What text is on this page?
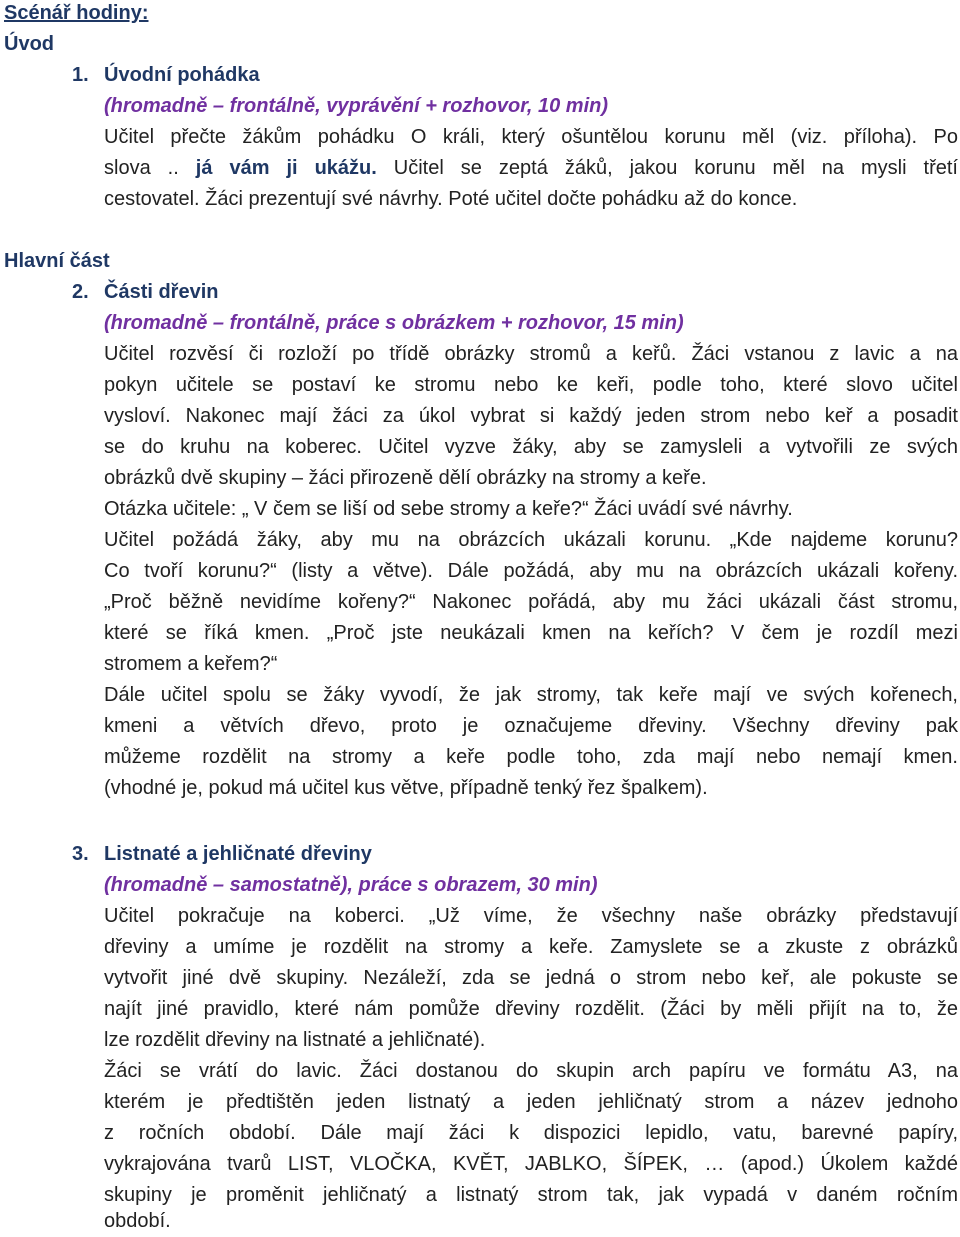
Scénář hodiny:
Úvod
1. Úvodní pohádka
(hromadně – frontálně, vyprávění + rozhovor, 10 min)
Učitel přečte žákům pohádku O králi, který ošuntělou korunu měl (viz. příloha). Po
slova .. já vám ji ukážu. Učitel se zeptá žáků, jakou korunu měl na mysli třetí
cestovatel. Žáci prezentují své návrhy. Poté učitel dočte pohádku až do konce.
Hlavní část
2. Části dřevin
(hromadně – frontálně, práce s obrázkem + rozhovor, 15 min)
Učitel rozvěsí či rozloží po třídě obrázky stromů a keřů. Žáci vstanou z lavic a na
pokyn učitele se postaví ke stromu nebo ke keři, podle toho, které slovo učitel
vysloví. Nakonec mají žáci za úkol vybrat si každý jeden strom nebo keř a posadit
se do kruhu na koberec. Učitel vyzve žáky, aby se zamysleli a vytvořili ze svých
obrázků dvě skupiny – žáci přirozeně dělí obrázky na stromy a keře.
Otázka učitele: „ V čem se liší od sebe stromy a keře?“ Žáci uvádí své návrhy.
Učitel požádá žáky, aby mu na obrázcích ukázali korunu. „Kde najdeme korunu?
Co tvoří korunu?“ (listy a větve). Dále požádá, aby mu na obrázcích ukázali kořeny.
„Proč běžně nevidíme kořeny?“ Nakonec pořádá, aby mu žáci ukázali část stromu,
které se říká kmen. „Proč jste neukázali kmen na keřích? V čem je rozdíl mezi
stromem a keřem?“
Dále učitel spolu se žáky vyvodí, že jak stromy, tak keře mají ve svých kořenech,
kmeni a větvích dřevo, proto je označujeme dřeviny. Všechny dřeviny pak
můžeme rozdělit na stromy a keře podle toho, zda mají nebo nemají kmen.
(vhodné je, pokud má učitel kus větve, případně tenký řez špalkem).
3. Listnaté a jehličnaté dřeviny
(hromadně – samostatně), práce s obrazem, 30 min)
Učitel pokračuje na koberci. „Už víme, že všechny naše obrázky představují
dřeviny a umíme je rozdělit na stromy a keře. Zamyslete se a zkuste z obrázků
vytvořit jiné dvě skupiny. Nezáleží, zda se jedná o strom nebo keř, ale pokuste se
najít jiné pravidlo, které nám pomůže dřeviny rozdělit. (Žáci by měli přijít na to, že
lze rozdělit dřeviny na listnaté a jehličnaté).
Žáci se vrátí do lavic. Žáci dostanou do skupin arch papíru ve formátu A3, na
kterém je předtištěn jeden listnatý a jeden jehličnatý strom a název jednoho
z ročních období. Dále mají žáci k dispozici lepidlo, vatu, barevné papíry,
vykrajována tvarů LIST, VLOČKA, KVĚT, JABLKO, ŠÍPEK, … (apod.) Úkolem každé
skupiny je proměnit jehličnatý a listnatý strom tak, jak vypadá v daném ročním
období.
